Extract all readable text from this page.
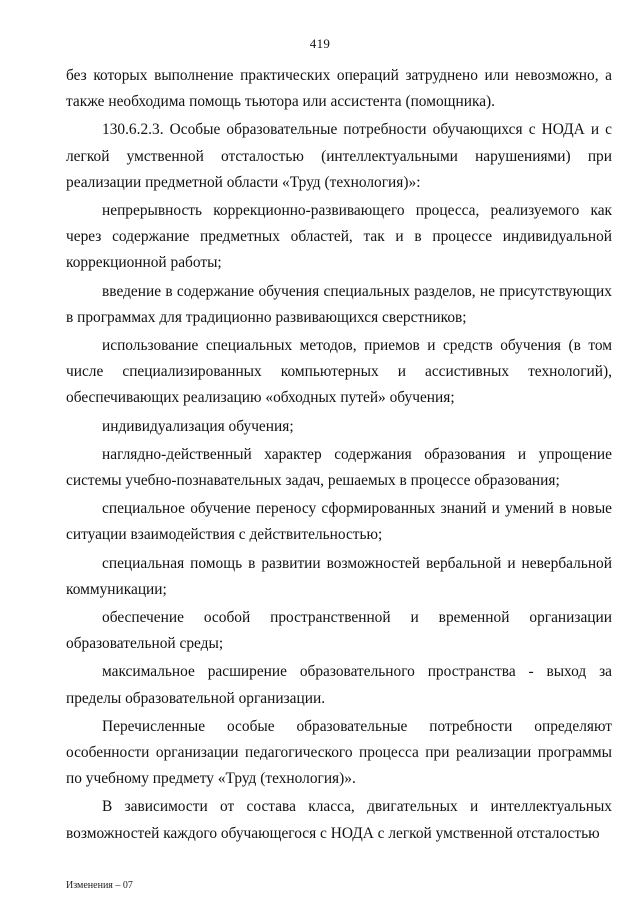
419

без которых выполнение практических операций затруднено или невозможно, а также необходима помощь тьютора или ассистента (помощника).

130.6.2.3. Особые образовательные потребности обучающихся с НОДА и с легкой умственной отсталостью (интеллектуальными нарушениями) при реализации предметной области «Труд (технология)»:

непрерывность коррекционно-развивающего процесса, реализуемого как через содержание предметных областей, так и в процессе индивидуальной коррекционной работы;

введение в содержание обучения специальных разделов, не присутствующих в программах для традиционно развивающихся сверстников;

использование специальных методов, приемов и средств обучения (в том числе специализированных компьютерных и ассистивных технологий), обеспечивающих реализацию «обходных путей» обучения;

индивидуализация обучения;

наглядно-действенный характер содержания образования и упрощение системы учебно-познавательных задач, решаемых в процессе образования;

специальное обучение переносу сформированных знаний и умений в новые ситуации взаимодействия с действительностью;

специальная помощь в развитии возможностей вербальной и невербальной коммуникации;

обеспечение особой пространственной и временной организации образовательной среды;

максимальное расширение образовательного пространства - выход за пределы образовательной организации.

Перечисленные особые образовательные потребности определяют особенности организации педагогического процесса при реализации программы по учебному предмету «Труд (технология)».

В зависимости от состава класса, двигательных и интеллектуальных возможностей каждого обучающегося с НОДА с легкой умственной отсталостью

Изменения – 07
